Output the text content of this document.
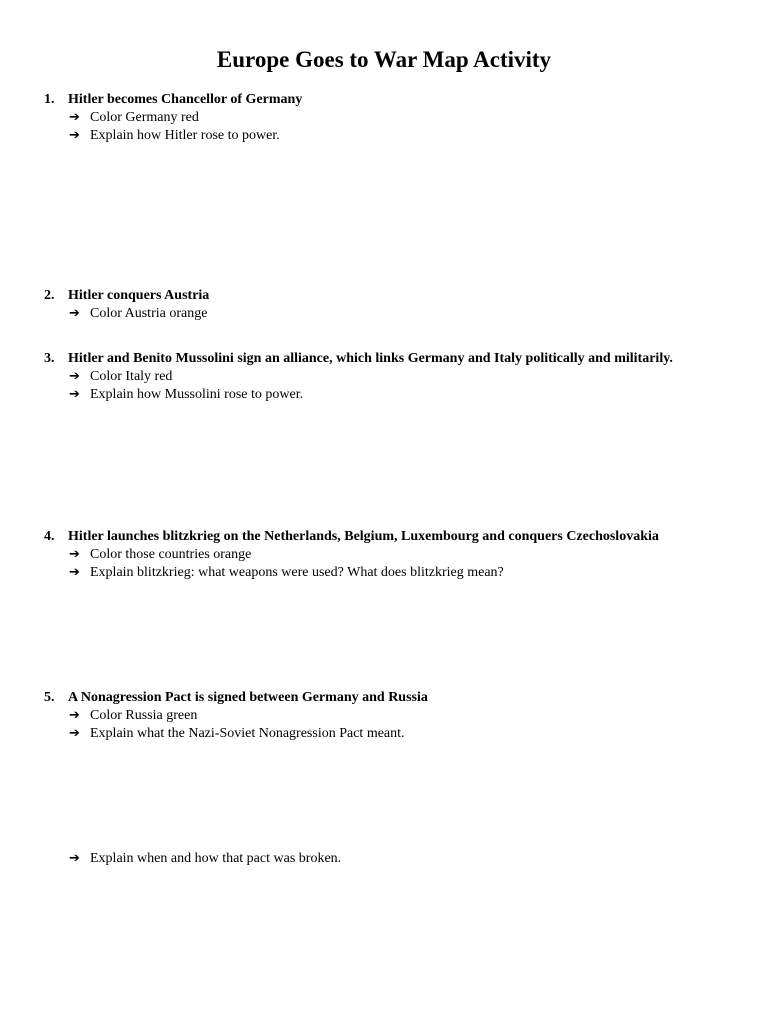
Europe Goes to War Map Activity
1. Hitler becomes Chancellor of Germany
➔ Color Germany red
➔ Explain how Hitler rose to power.
2. Hitler conquers Austria
➔ Color Austria orange
3. Hitler and Benito Mussolini sign an alliance, which links Germany and Italy politically and militarily.
➔ Color Italy red
➔ Explain how Mussolini rose to power.
4. Hitler launches blitzkrieg on the Netherlands, Belgium, Luxembourg and conquers Czechoslovakia
➔ Color those countries orange
➔ Explain blitzkrieg: what weapons were used? What does blitzkrieg mean?
5. A Nonagression Pact is signed between Germany and Russia
➔ Color Russia green
➔ Explain what the Nazi-Soviet Nonagression Pact meant.
➔ Explain when and how that pact was broken.
